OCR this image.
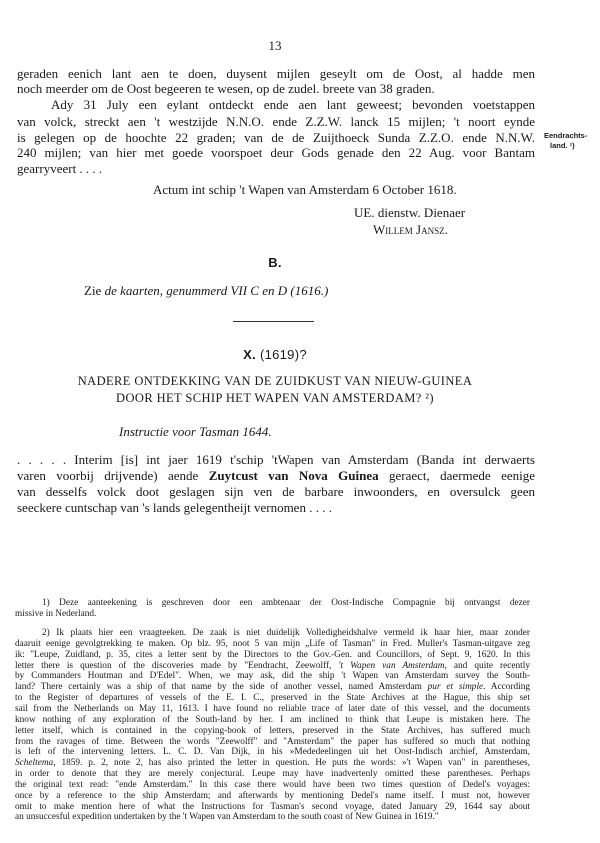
13
geraden eenich lant aen te doen, duysent mijlen geseylt om de Oost, al hadde men
noch meerder om de Oost begeeren te wesen, op de zudel. breete van 38 graden.
Ady 31 July een eylant ontdeckt ende aen lant geweest; bevonden voetstappen
van volck, streckt aen 't westzijde N.N.O. ende Z.Z.W. lanck 15 mijlen; 't noort eynde
is gelegen op de hoochte 22 graden; van de de Zuijthoeck Sunda Z.Z.O. ende N.N.W.
240 mijlen; van hier met goede voorspoet deur Gods genade den 22 Aug. voor Bantam
gearryveert . . . .
Eendrachts-
land. ¹)
Actum int schip 't Wapen van Amsterdam 6 October 1618.
UE. dienstw. Dienaer
Willem Jansz.
B.
Zie de kaarten, genummerd VII C en D (1616.)
X. (1619)?
NADERE ONTDEKKING VAN DE ZUIDKUST VAN NIEUW-GUINEA
DOOR HET SCHIP HET WAPEN VAN AMSTERDAM? ²)
Instructie voor Tasman 1644.
. . . . . Interim [is] int jaer 1619 t'schip 'tWapen van Amsterdam (Banda int derwaerts
varen voorbij drijvende) aende Zuytcust van Nova Guinea geraect, daermede eenige
van desselfs volck doot geslagen sijn ven de barbare inwoonders, en oversulck geen
seeckere cuntschap van 's lands gelegentheijt vernomen . . . .
1) Deze aanteekening is geschreven door een ambtenaar der Oost-Indische Compagnie bij ontvangst dezer
missive in Nederland.
2) Ik plaats hier een vraagteeken. De zaak is niet duidelijk Volledigheidshalve vermeld ik haar hier, maar zonder
daaruit eenige gevolgtrekking te maken. Op blz. 95, noot 5 van mijn „Life of Tasman" in Fred. Muller's Tasman-uitgave zeg
ik: "Leupe, Zuidland, p. 35, cites a letter sent by the Directors to the Gov.-Gen. and Councillors, of Sept. 9, 1620. In this
letter there is question of the discoveries made by "Eendracht, Zeewolff, 't Wapen van Amsterdam, and quite recently
by Commanders Houtman and D'Edel". When, we may ask, did the ship 't Wapen van Amsterdam survey the South-
land? There certainly was a ship of that name by the side of another vessel, named Amsterdam pur et simple. According
to the Register of departures of vessels of the E. I. C., preserved in the State Archives at the Hague, this ship set
sail from the Netherlands on May 11, 1613. I have found no reliable trace of later date of this vessel, and the documents
know nothing of any exploration of the South-land by her. I am inclined to think that Leupe is mistaken here. The
letter itself, which is contained in the copying-book of letters, preserved in the State Archives, has suffered much
from the ravages of time. Between the words "Zeewolff" and "Amsterdam" the paper has suffered so much that nothing
is left of the intervening letters. L. C. D. Van Dijk, in his »Mededeelingen uit het Oost-Indisch archief, Amsterdam,
Scheltema, 1859. p. 2, note 2, has also printed the letter in question. He puts the words: »'t Wapen van" in parentheses,
in order to denote that they are merely conjectural. Leupe may have inadvertenly omitted these parentheses. Perhaps
the original text read: "ende Amsterdam." In this case there would have been two times question of Dedel's voyages:
once by a reference to the ship Amsterdam; and afterwards by mentioning Dedel's name itself. I must not, however
omit to make mention here of what the Instructions for Tasman's second voyage, dated January 29, 1644 say about
an unsuccesful expedition undertaken by the 't Wapen van Amsterdam to the south coast of New Guinea in 1619."
